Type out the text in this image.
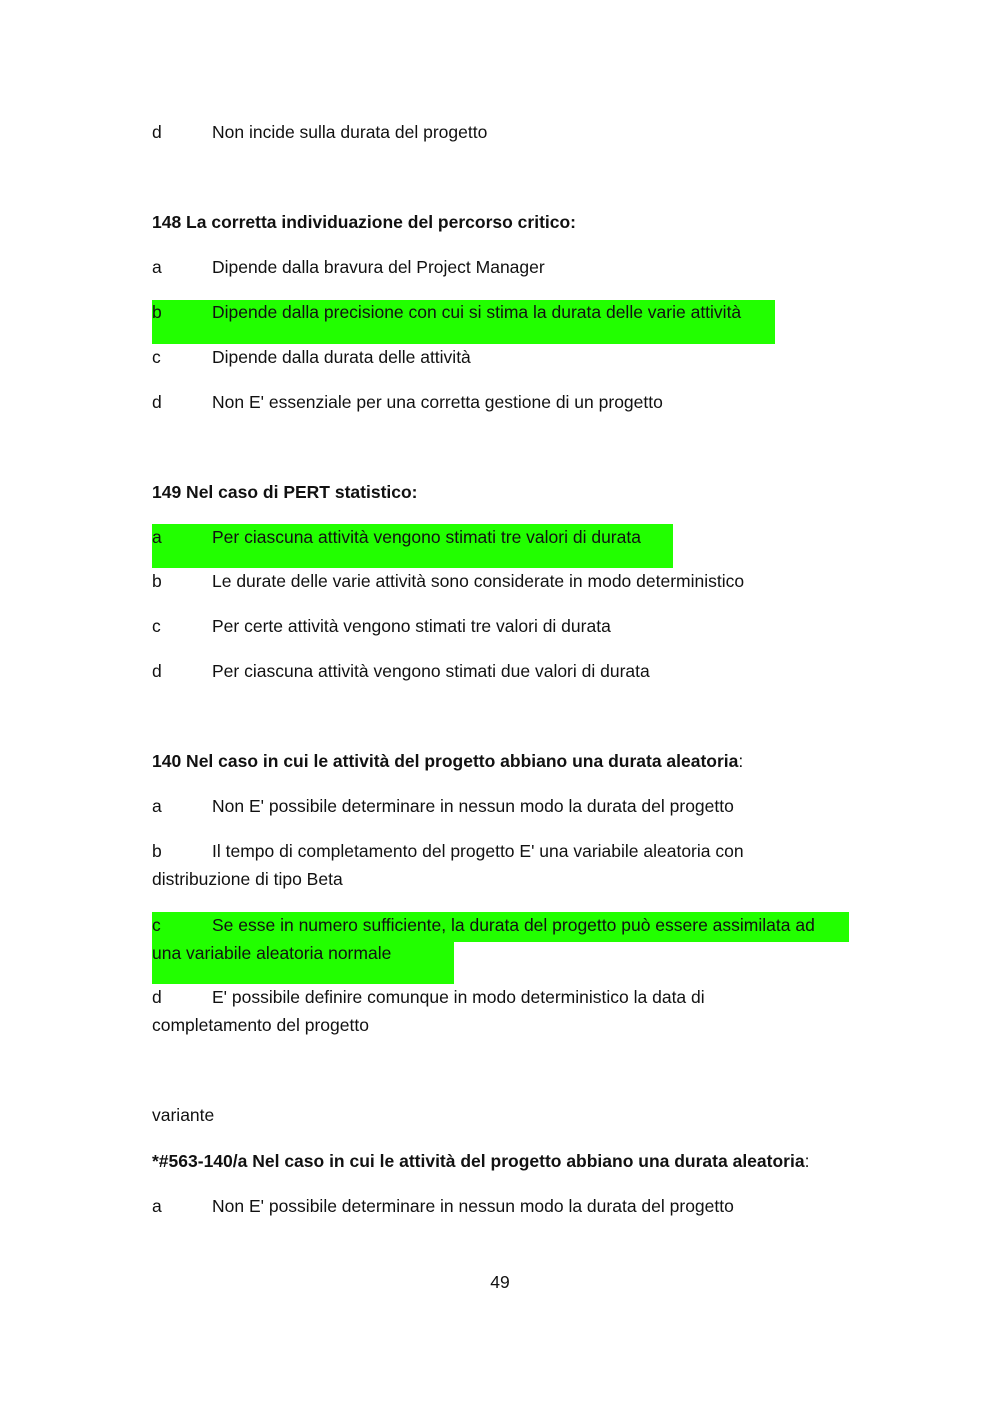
d	Non incide sulla durata del progetto
148 La corretta individuazione del percorso critico:
a	Dipende dalla bravura del Project Manager
b	Dipende dalla precisione con cui si stima la durata delle varie attività
c	Dipende dalla durata delle attività
d	Non E' essenziale per una corretta gestione di un progetto
149 Nel caso di PERT statistico:
a	Per ciascuna attività vengono stimati tre valori di durata
b	Le durate delle varie attività sono considerate in modo deterministico
c	Per certe attività vengono stimati tre valori di durata
d	Per ciascuna attività vengono stimati due valori di durata
140 Nel caso in cui le attività del progetto abbiano una durata aleatoria:
a	Non E' possibile determinare in nessun modo la durata del progetto
b	Il tempo di completamento del progetto E' una variabile aleatoria con
distribuzione di tipo Beta
c	Se esse in numero sufficiente, la durata del progetto può essere assimilata ad
una variabile aleatoria normale
d	E' possibile definire comunque in modo deterministico la data di
completamento del progetto
variante
*#563-140/a Nel caso in cui le attività del progetto abbiano una durata aleatoria:
a	Non E' possibile determinare in nessun modo la durata del progetto
49
